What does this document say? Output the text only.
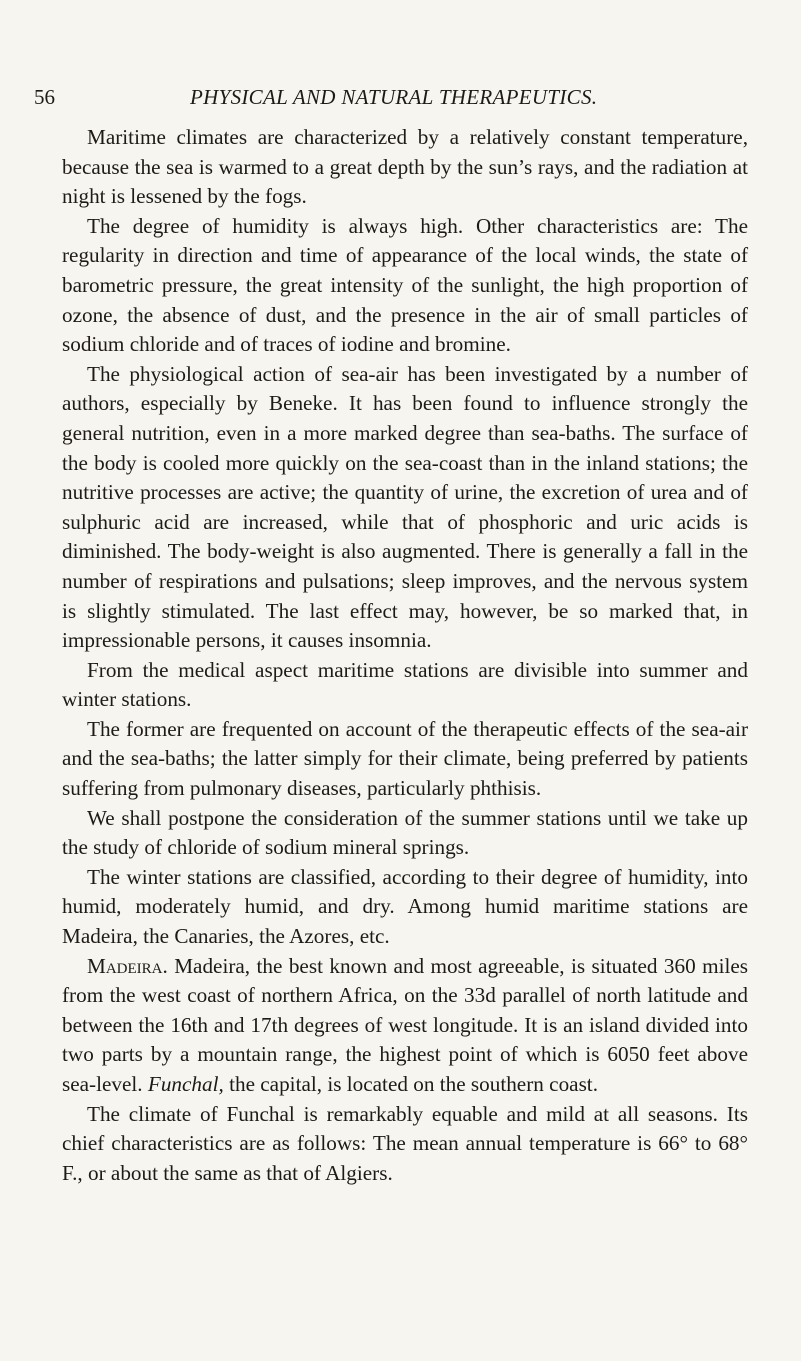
56	PHYSICAL AND NATURAL THERAPEUTICS.

Maritime climates are characterized by a relatively constant temperature, because the sea is warmed to a great depth by the sun’s rays, and the radiation at night is lessened by the fogs.

The degree of humidity is always high. Other characteristics are: The regularity in direction and time of appearance of the local winds, the state of barometric pressure, the great intensity of the sunlight, the high proportion of ozone, the absence of dust, and the presence in the air of small particles of sodium chloride and of traces of iodine and bromine.

The physiological action of sea-air has been investigated by a number of authors, especially by Beneke. It has been found to influence strongly the general nutrition, even in a more marked degree than sea-baths. The surface of the body is cooled more quickly on the sea-coast than in the inland stations; the nutritive processes are active; the quantity of urine, the excretion of urea and of sulphuric acid are increased, while that of phosphoric and uric acids is diminished. The body-weight is also augmented. There is generally a fall in the number of respirations and pulsations; sleep improves, and the nervous system is slightly stimulated. The last effect may, however, be so marked that, in impressionable persons, it causes insomnia.

From the medical aspect maritime stations are divisible into summer and winter stations.

The former are frequented on account of the therapeutic effects of the sea-air and the sea-baths; the latter simply for their climate, being preferred by patients suffering from pulmonary diseases, particularly phthisis.

We shall postpone the consideration of the summer stations until we take up the study of chloride of sodium mineral springs.

The winter stations are classified, according to their degree of humidity, into humid, moderately humid, and dry. Among humid maritime stations are Madeira, the Canaries, the Azores, etc.

Madeira. Madeira, the best known and most agreeable, is situated 360 miles from the west coast of northern Africa, on the 33d parallel of north latitude and between the 16th and 17th degrees of west longitude. It is an island divided into two parts by a mountain range, the highest point of which is 6050 feet above sea-level. Funchal, the capital, is located on the southern coast.

The climate of Funchal is remarkably equable and mild at all seasons. Its chief characteristics are as follows: The mean annual temperature is 66° to 68° F., or about the same as that of Algiers.
